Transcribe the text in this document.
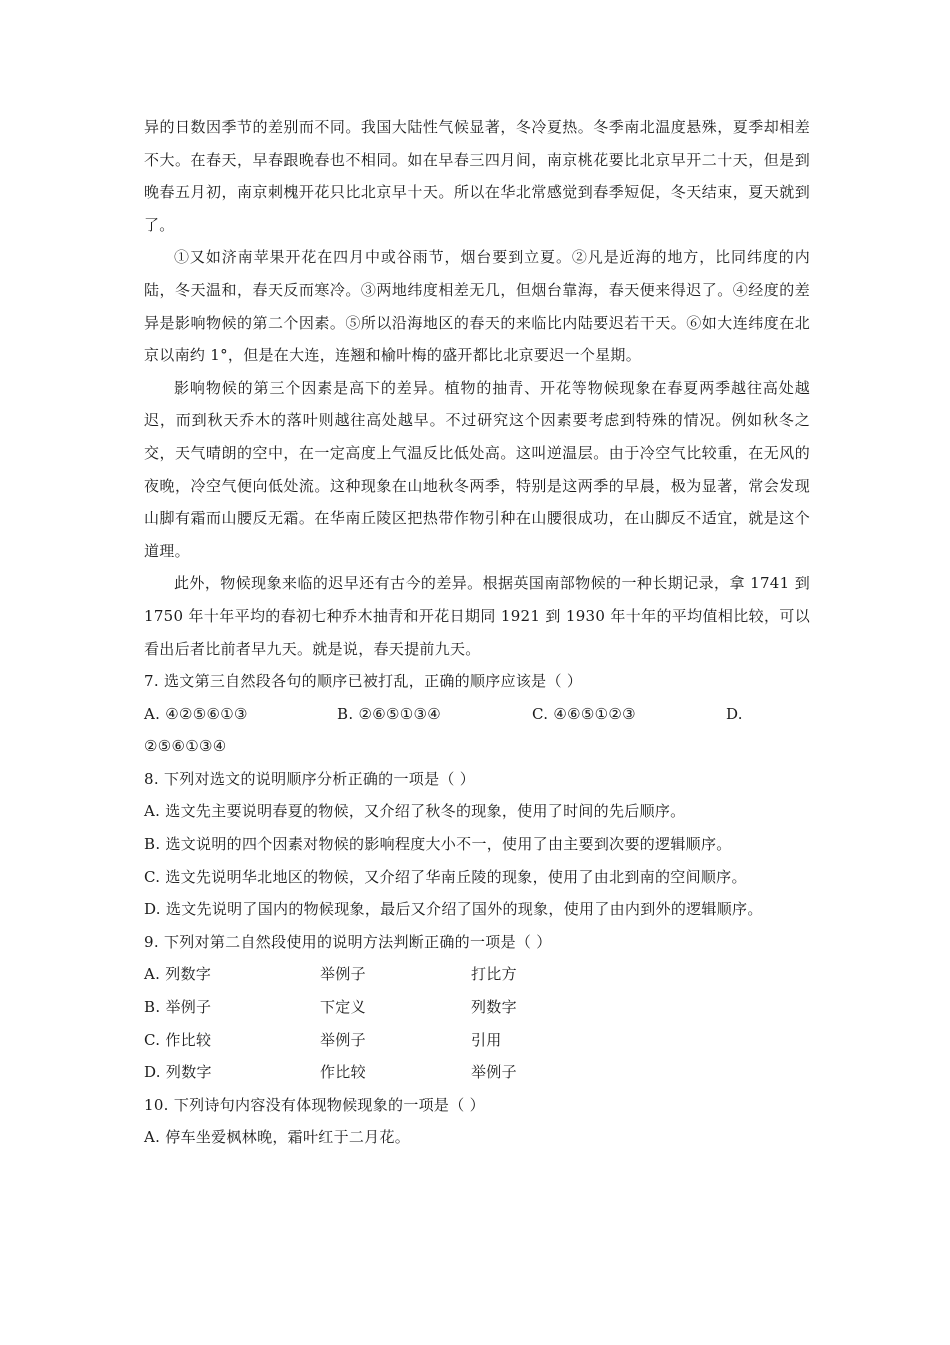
异的日数因季节的差别而不同。我国大陆性气候显著，冬冷夏热。冬季南北温度悬殊，夏季却相差不大。在春天，早春跟晚春也不相同。如在早春三四月间，南京桃花要比北京早开二十天，但是到晚春五月初，南京刺槐开花只比北京早十天。所以在华北常感觉到春季短促，冬天结束，夏天就到了。

①又如济南苹果开花在四月中或谷雨节，烟台要到立夏。②凡是近海的地方，比同纬度的内陆，冬天温和，春天反而寒冷。③两地纬度相差无几，但烟台靠海，春天便来得迟了。④经度的差异是影响物候的第二个因素。⑤所以沿海地区的春天的来临比内陆要迟若干天。⑥如大连纬度在北京以南约 1°，但是在大连，连翘和榆叶梅的盛开都比北京要迟一个星期。

影响物候的第三个因素是高下的差异。植物的抽青、开花等物候现象在春夏两季越往高处越迟，而到秋天乔木的落叶则越往高处越早。不过研究这个因素要考虑到特殊的情况。例如秋冬之交，天气晴朗的空中，在一定高度上气温反比低处高。这叫逆温层。由于冷空气比较重，在无风的夜晚，冷空气便向低处流。这种现象在山地秋冬两季，特别是这两季的早晨，极为显著，常会发现山脚有霜而山腰反无霜。在华南丘陵区把热带作物引种在山腰很成功，在山脚反不适宜，就是这个道理。

此外，物候现象来临的迟早还有古今的差异。根据英国南部物候的一种长期记录，拿 1741 到 1750 年十年平均的春初七种乔木抽青和开花日期同 1921 到 1930 年十年的平均值相比较，可以看出后者比前者早九天。就是说，春天提前九天。

7. 选文第三自然段各句的顺序已被打乱，正确的顺序应该是（ ）

A. ④②⑤⑥①③	B. ②⑥⑤①③④	C. ④⑥⑤①②③	D.

②⑤⑥①③④

8. 下列对选文的说明顺序分析正确的一项是（ ）

A. 选文先主要说明春夏的物候，又介绍了秋冬的现象，使用了时间的先后顺序。

B. 选文说明的四个因素对物候的影响程度大小不一，使用了由主要到次要的逻辑顺序。

C. 选文先说明华北地区的物候，又介绍了华南丘陵的现象，使用了由北到南的空间顺序。

D. 选文先说明了国内的物候现象，最后又介绍了国外的现象，使用了由内到外的逻辑顺序。

9. 下列对第二自然段使用的说明方法判断正确的一项是（ ）

A. 列数字	举例子	打比方
B. 举例子	下定义	列数字
C. 作比较	举例子	引用
D. 列数字	作比较	举例子

10. 下列诗句内容没有体现物候现象的一项是（ ）

A. 停车坐爱枫林晚，霜叶红于二月花。
